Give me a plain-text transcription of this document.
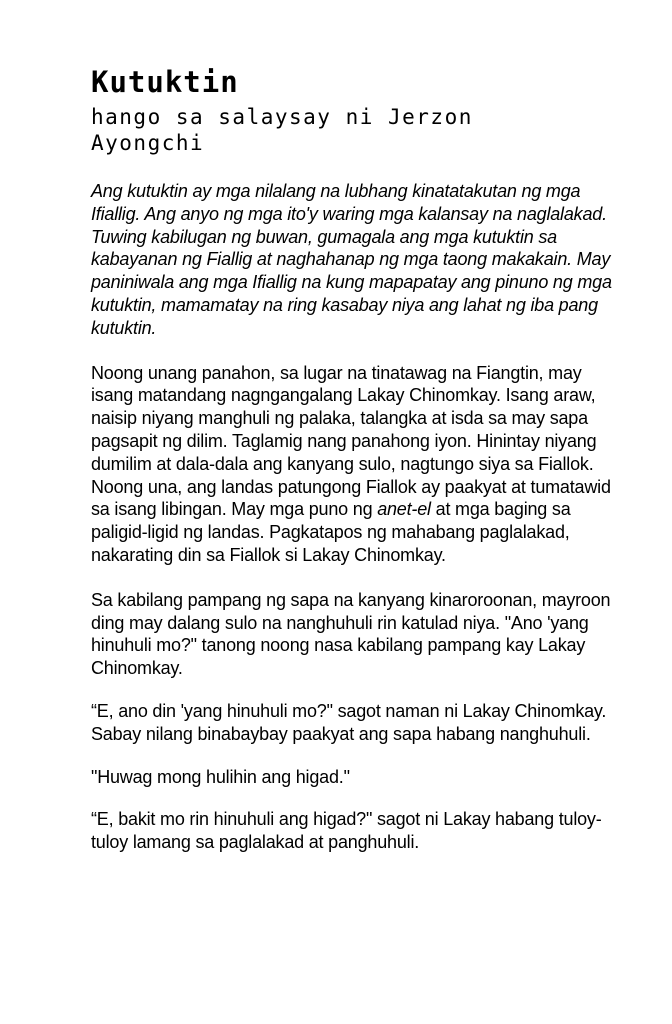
Kutuktin
hango sa salaysay ni Jerzon Ayongchi

Ang kutuktin ay mga nilalang na lubhang kinatatakutan ng mga Ifiallig. Ang anyo ng mga ito'y waring mga kalansay na naglalakad. Tuwing kabilugan ng buwan, gumagala ang mga kutuktin sa kabayanan ng Fiallig at naghahanap ng mga taong makakain. May paniniwala ang mga Ifiallig na kung mapapatay ang pinuno ng mga kutuktin, mamamatay na ring kasabay niya ang lahat ng iba pang kutuktin.

Noong unang panahon, sa lugar na tinatawag na Fiangtin, may isang matandang nagngangalang Lakay Chinomkay. Isang araw, naisip niyang manghuli ng palaka, talangka at isda sa may sapa pagsapit ng dilim. Taglamig nang panahong iyon. Hinintay niyang dumilim at dala-dala ang kanyang sulo, nagtungo siya sa Fiallok. Noong una, ang landas patungong Fiallok ay paakyat at tumatawid sa isang libingan. May mga puno ng anet-el at mga baging sa paligid-ligid ng landas. Pagkatapos ng mahabang paglalakad, nakarating din sa Fiallok si Lakay Chinomkay.

Sa kabilang pampang ng sapa na kanyang kinaroroonan, mayroon ding may dalang sulo na nanghuhuli rin katulad niya. "Ano 'yang hinuhuli mo?" tanong noong nasa kabilang pampang kay Lakay Chinomkay.

“E, ano din 'yang hinuhuli mo?" sagot naman ni Lakay Chinomkay. Sabay nilang binabaybay paakyat ang sapa habang nanghuhuli.

"Huwag mong hulihin ang higad."

“E, bakit mo rin hinuhuli ang higad?" sagot ni Lakay habang tuloy-tuloy lamang sa paglalakad at panghuhuli.
